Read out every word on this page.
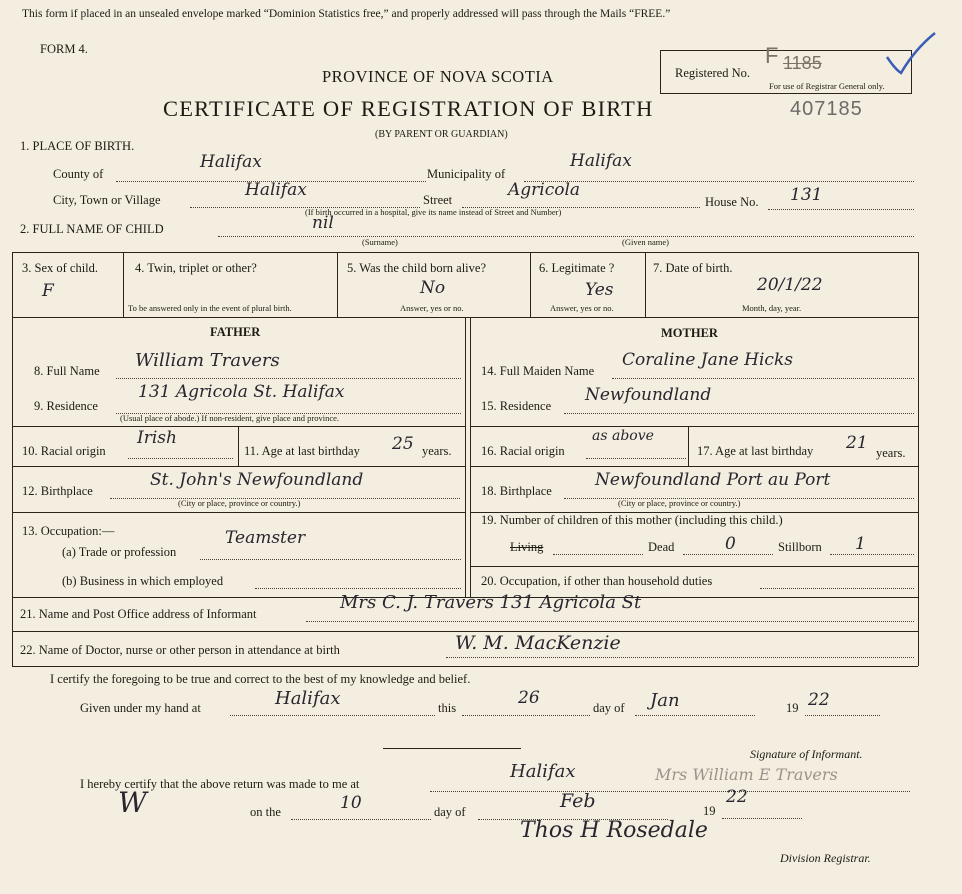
This form if placed in an unsealed envelope marked “Dominion Statistics free,” and properly addressed will pass through the Mails “FREE.”
FORM 4.
Registered No.
For use of Registrar General only.
F 1185
407185
PROVINCE OF NOVA SCOTIA
CERTIFICATE OF REGISTRATION OF BIRTH
(BY PARENT OR GUARDIAN)
1. PLACE OF BIRTH.
County of
Halifax
Municipality of
Halifax
City, Town or Village	Halifax	Street	Agricola
(If birth occurred in a hospital, give its name instead of Street and Number)
House No. 131
2. FULL NAME OF CHILD	nil
(Surname)	(Given name)
3. Sex of child.
F
4. Twin, triplet or other?
To be answered only in the event of plural birth.
5. Was the child born alive?
No
Answer, yes or no.
6. Legitimate ?
Yes
Answer, yes or no.
7. Date of birth.
20/1/22
Month, day, year.
FATHER	MOTHER
8. Full Name William Travers
9. Residence
131 Agricola St. Halifax
(Usual place of abode.) If non-resident, give place and province.
10. Racial origin
Irish
11. Age at last birthday 25 years.
12. Birthplace
St. John's Newfoundland
(City or place, province or country.)
13. Occupation:—
(a) Trade or profession
Teamster
(b) Business in which employed
14. Full Maiden Name
Coraline Jane Hicks
15. Residence
Newfoundland
16. Racial origin
as above
17. Age at last birthday 21 years.
18. Birthplace
Newfoundland Port au Port
(City or place, province or country.)
19. Number of children of this mother (including this child.)
Living	Dead	0	Stillborn 1
20. Occupation, if other than household duties
21. Name and Post Office address of Informant
Mrs C. J. Travers 131 Agricola St
22. Name of Doctor, nurse or other person in attendance at birth	W. M. MacKenzie
I certify the foregoing to be true and correct to the best of my knowledge and belief.
Given under my hand at	Halifax	this	26	day of Jan	19 22
Signature of Informant.
I hereby certify that the above return was made to me at
Halifax	Mrs William E Travers
W	on the	10	day of	Feb	19
22
Thos H Rosedale
Division Registrar.
